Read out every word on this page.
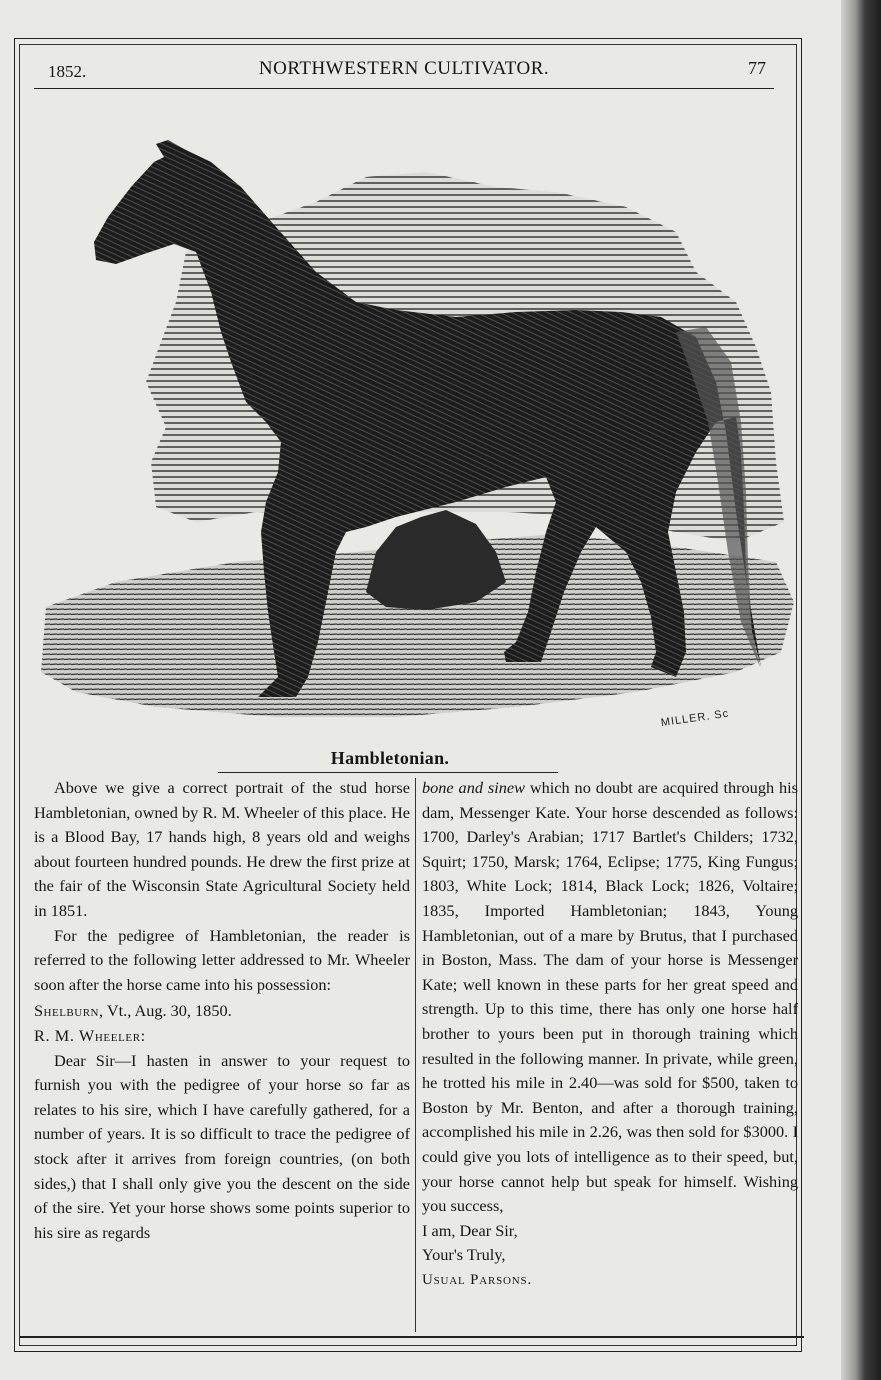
1852.	NORTHWESTERN CULTIVATOR.	77
MILLER. Sc
Hambletonian.

Above we give a correct portrait of the stud horse Hambletonian, owned by R. M. Wheeler of this place. He is a Blood Bay, 17 hands high, 8 years old and weighs about fourteen hundred pounds. He drew the first prize at the fair of the Wisconsin State Agricultural Society held in 1851.

For the pedigree of Hambletonian, the reader is referred to the following letter addressed to Mr. Wheeler soon after the horse came into his possession:

Shelburn, Vt., Aug. 30, 1850.

R. M. Wheeler:

Dear Sir—I hasten in answer to your request to furnish you with the pedigree of your horse so far as relates to his sire, which I have carefully gathered, for a number of years. It is so difficult to trace the pedigree of stock after it arrives from foreign countries, (on both sides,) that I shall only give you the descent on the side of the sire. Yet your horse shows some points superior to his sire as regards

bone and sinew which no doubt are acquired through his dam, Messenger Kate. Your horse descended as follows: 1700, Darley's Arabian; 1717 Bartlet's Childers; 1732, Squirt; 1750, Marsk; 1764, Eclipse; 1775, King Fungus; 1803, White Lock; 1814, Black Lock; 1826, Voltaire; 1835, Imported Hambletonian; 1843, Young Hambletonian, out of a mare by Brutus, that I purchased in Boston, Mass. The dam of your horse is Messenger Kate; well known in these parts for her great speed and strength. Up to this time, there has only one horse half brother to yours been put in thorough training which resulted in the following manner. In private, while green, he trotted his mile in 2.40—was sold for $500, taken to Boston by Mr. Benton, and after a thorough training, accomplished his mile in 2.26, was then sold for $3000. I could give you lots of intelligence as to their speed, but, your horse cannot help but speak for himself. Wishing you success,

I am, Dear Sir,

Your's Truly,

Usual Parsons.
